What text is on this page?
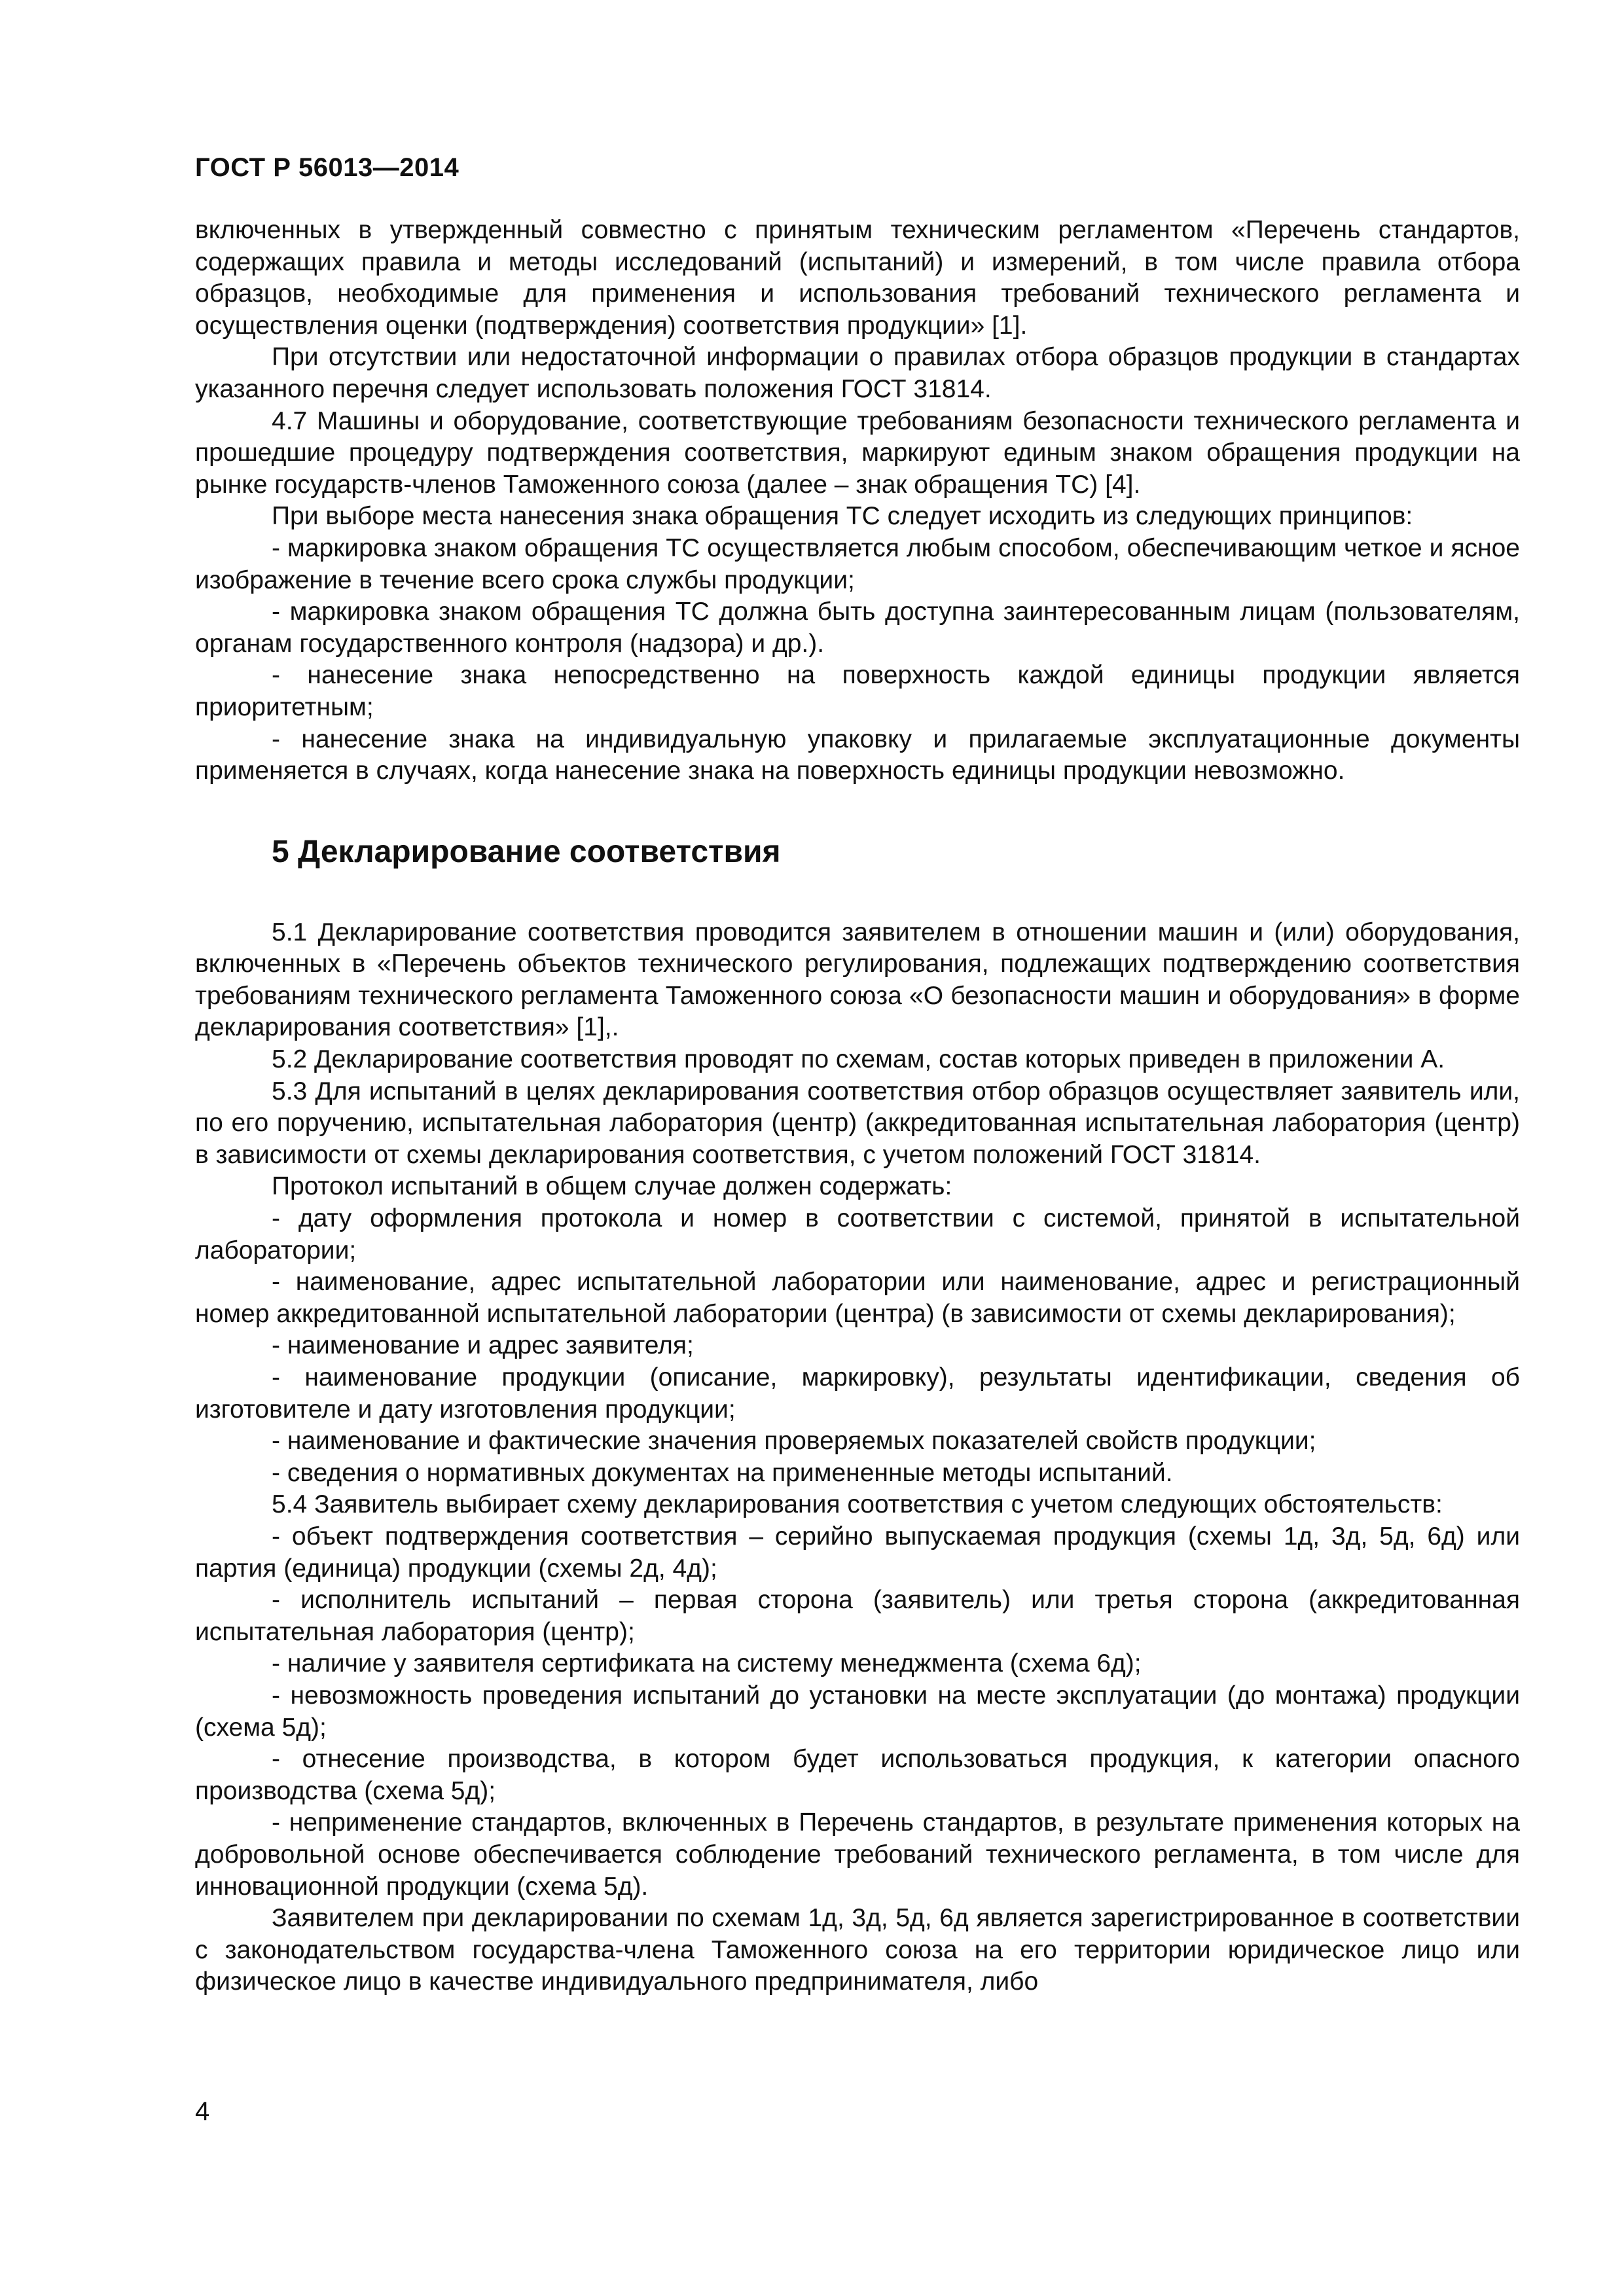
ГОСТ Р 56013—2014

включенных в утвержденный совместно с принятым техническим регламентом «Перечень стандартов, содержащих правила и методы исследований (испытаний) и измерений, в том числе правила отбора образцов, необходимые для применения и использования требований технического регламента и осуществления оценки (подтверждения) соответствия продукции» [1].

При отсутствии или недостаточной информации о правилах отбора образцов продукции в стандартах указанного перечня следует использовать положения ГОСТ 31814.

4.7 Машины и оборудование, соответствующие требованиям безопасности технического регламента и прошедшие процедуру подтверждения соответствия, маркируют единым знаком обращения продукции на рынке государств-членов Таможенного союза (далее – знак обращения ТС) [4].

При выборе места нанесения знака обращения ТС следует исходить из следующих принципов:

- маркировка знаком обращения ТС осуществляется любым способом, обеспечивающим четкое и ясное изображение в течение всего срока службы продукции;

- маркировка знаком обращения ТС должна быть доступна заинтересованным лицам (пользователям, органам государственного контроля (надзора) и др.).

- нанесение знака непосредственно на поверхность каждой единицы продукции является приоритетным;

- нанесение знака на индивидуальную упаковку и прилагаемые эксплуатационные документы применяется в случаях, когда нанесение знака на поверхность единицы продукции невозможно.

5 Декларирование соответствия

5.1 Декларирование соответствия проводится заявителем в отношении машин и (или) оборудования, включенных в «Перечень объектов технического регулирования, подлежащих подтверждению соответствия требованиям технического регламента Таможенного союза «О безопасности машин и оборудования» в форме декларирования соответствия» [1],.

5.2 Декларирование соответствия проводят по схемам, состав которых приведен в приложении А.

5.3 Для испытаний в целях декларирования соответствия отбор образцов осуществляет заявитель или, по его поручению, испытательная лаборатория (центр) (аккредитованная испытательная лаборатория (центр) в зависимости от схемы декларирования соответствия, с учетом положений ГОСТ 31814.

Протокол испытаний в общем случае должен содержать:

- дату оформления протокола и номер в соответствии с системой, принятой в испытательной лаборатории;

- наименование, адрес испытательной лаборатории или наименование, адрес и регистрационный номер аккредитованной испытательной лаборатории (центра) (в зависимости от схемы декларирования);

- наименование и адрес заявителя;

- наименование продукции (описание, маркировку), результаты идентификации, сведения об изготовителе и дату изготовления продукции;

- наименование и фактические значения проверяемых показателей свойств продукции;

- сведения о нормативных документах на примененные методы испытаний.

5.4 Заявитель выбирает схему декларирования соответствия с учетом следующих обстоятельств:

- объект подтверждения соответствия – серийно выпускаемая продукция (схемы 1д, 3д, 5д, 6д) или партия (единица) продукции (схемы 2д, 4д);

- исполнитель испытаний – первая сторона (заявитель) или третья сторона (аккредитованная испытательная лаборатория (центр);

- наличие у заявителя сертификата на систему менеджмента (схема 6д);

- невозможность проведения испытаний до установки на месте эксплуатации (до монтажа) продукции (схема 5д);

- отнесение производства, в котором будет использоваться продукция, к категории опасного производства (схема 5д);

- неприменение стандартов, включенных в Перечень стандартов, в результате применения которых на добровольной основе обеспечивается соблюдение требований технического регламента, в том числе для инновационной продукции (схема 5д).

Заявителем при декларировании по схемам 1д, 3д, 5д, 6д является зарегистрированное в соответствии с законодательством государства-члена Таможенного союза на его территории юридическое лицо или физическое лицо в качестве индивидуального предпринимателя, либо

4
